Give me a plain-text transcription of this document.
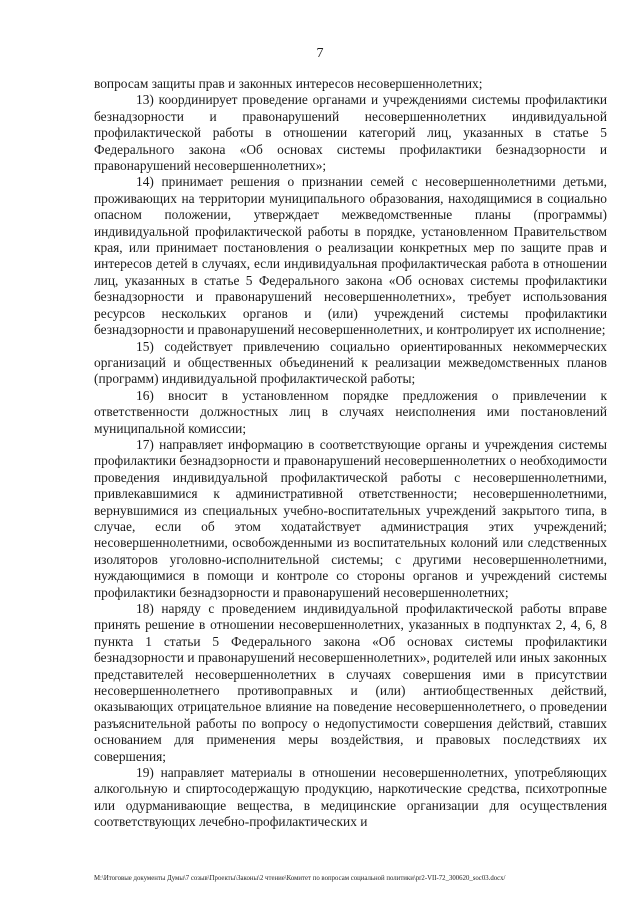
7

вопросам защиты прав и законных интересов несовершеннолетних;

13) координирует проведение органами и учреждениями системы профилактики безнадзорности и правонарушений несовершеннолетних индивидуальной профилактической работы в отношении категорий лиц, указанных в статье 5 Федерального закона «Об основах системы профилактики безнадзорности и правонарушений несовершеннолетних»;

14) принимает решения о признании семей с несовершеннолетними детьми, проживающих на территории муниципального образования, находящимися в социально опасном положении, утверждает межведомственные планы (программы) индивидуальной профилактической работы в порядке, установленном Правительством края, или принимает постановления о реализации конкретных мер по защите прав и интересов детей в случаях, если индивидуальная профилактическая работа в отношении лиц, указанных в статье 5 Федерального закона «Об основах системы профилактики безнадзорности и правонарушений несовершеннолетних», требует использования ресурсов нескольких органов и (или) учреждений системы профилактики безнадзорности и правонарушений несовершеннолетних, и контролирует их исполнение;

15) содействует привлечению социально ориентированных некоммерческих организаций и общественных объединений к реализации межведомственных планов (программ) индивидуальной профилактической работы;

16) вносит в установленном порядке предложения о привлечении к ответственности должностных лиц в случаях неисполнения ими постановлений муниципальной комиссии;

17) направляет информацию в соответствующие органы и учреждения системы профилактики безнадзорности и правонарушений несовершеннолетних о необходимости проведения индивидуальной профилактической работы с несовершеннолетними, привлекавшимися к административной ответственности; несовершеннолетними, вернувшимися из специальных учебно-воспитательных учреждений закрытого типа, в случае, если об этом ходатайствует администрация этих учреждений; несовершеннолетними, освобожденными из воспитательных колоний или следственных изоляторов уголовно-исполнительной системы; с другими несовершеннолетними, нуждающимися в помощи и контроле со стороны органов и учреждений системы профилактики безнадзорности и правонарушений несовершеннолетних;

18) наряду с проведением индивидуальной профилактической работы вправе принять решение в отношении несовершеннолетних, указанных в подпунктах 2, 4, 6, 8 пункта 1 статьи 5 Федерального закона «Об основах системы профилактики безнадзорности и правонарушений несовершеннолетних», родителей или иных законных представителей несовершеннолетних в случаях совершения ими в присутствии несовершеннолетнего противоправных и (или) антиобщественных действий, оказывающих отрицательное влияние на поведение несовершеннолетнего, о проведении разъяснительной работы по вопросу о недопустимости совершения действий, ставших основанием для применения меры воздействия, и правовых последствиях их совершения;

19) направляет материалы в отношении несовершеннолетних, употребляющих алкогольную и спиртосодержащую продукцию, наркотические средства, психотропные или одурманивающие вещества, в медицинские организации для осуществления соответствующих лечебно-профилактических и

M:\Итоговые документы Думы\7 созыв\Проекты\Законы\2 чтение\Комитет по вопросам социальной политики\pr2-VII-72_300620_soc03.docx/
